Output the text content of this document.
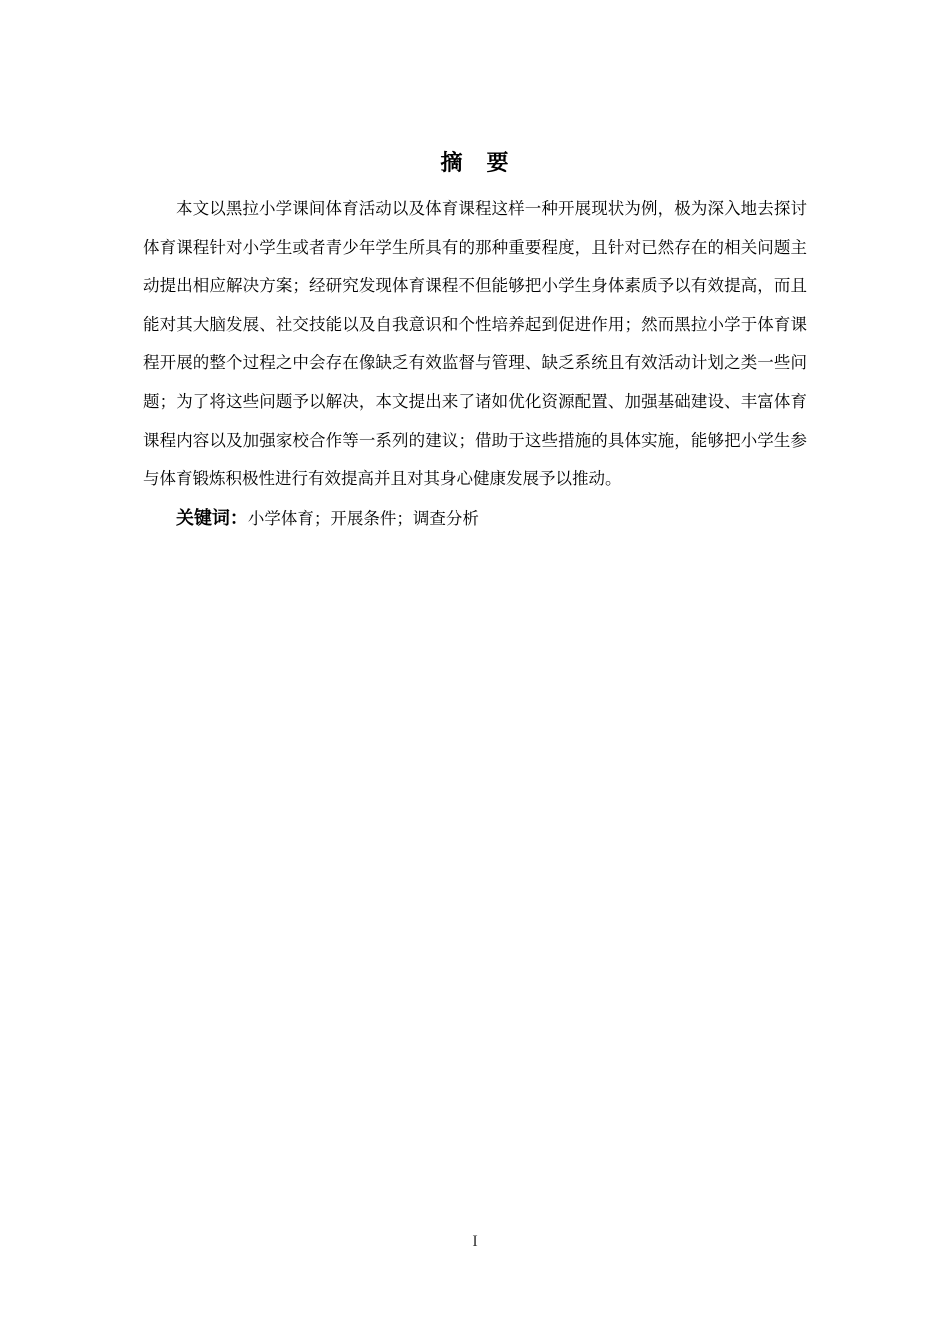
摘　要

本文以黑拉小学课间体育活动以及体育课程这样一种开展现状为例，极为深入地去探讨体育课程针对小学生或者青少年学生所具有的那种重要程度，且针对已然存在的相关问题主动提出相应解决方案；经研究发现体育课程不但能够把小学生身体素质予以有效提高，而且能对其大脑发展、社交技能以及自我意识和个性培养起到促进作用；然而黑拉小学于体育课程开展的整个过程之中会存在像缺乏有效监督与管理、缺乏系统且有效活动计划之类一些问题；为了将这些问题予以解决，本文提出来了诸如优化资源配置、加强基础建设、丰富体育课程内容以及加强家校合作等一系列的建议；借助于这些措施的具体实施，能够把小学生参与体育锻炼积极性进行有效提高并且对其身心健康发展予以推动。

关键词：小学体育；开展条件；调查分析

I
